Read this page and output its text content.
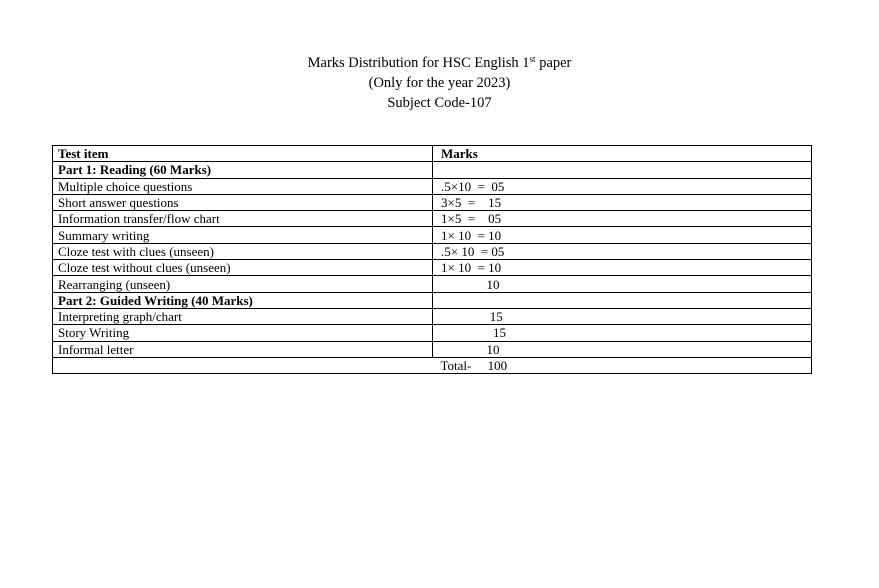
Marks Distribution for HSC English 1st paper
(Only for the year 2023)
Subject Code-107
Test item	Marks
Part 1: Reading (60 Marks)	
Multiple choice questions	.5×10  =  05
Short answer questions	3×5  =    15
Information transfer/flow chart	1×5  =    05
Summary writing	1× 10  = 10
Cloze test with clues (unseen)	.5× 10  = 05
Cloze test without clues (unseen)	1× 10  = 10
Rearranging (unseen)	10
Part 2: Guided Writing (40 Marks)	
Interpreting graph/chart	15
Story Writing	15
Informal letter	10
	Total- 100
